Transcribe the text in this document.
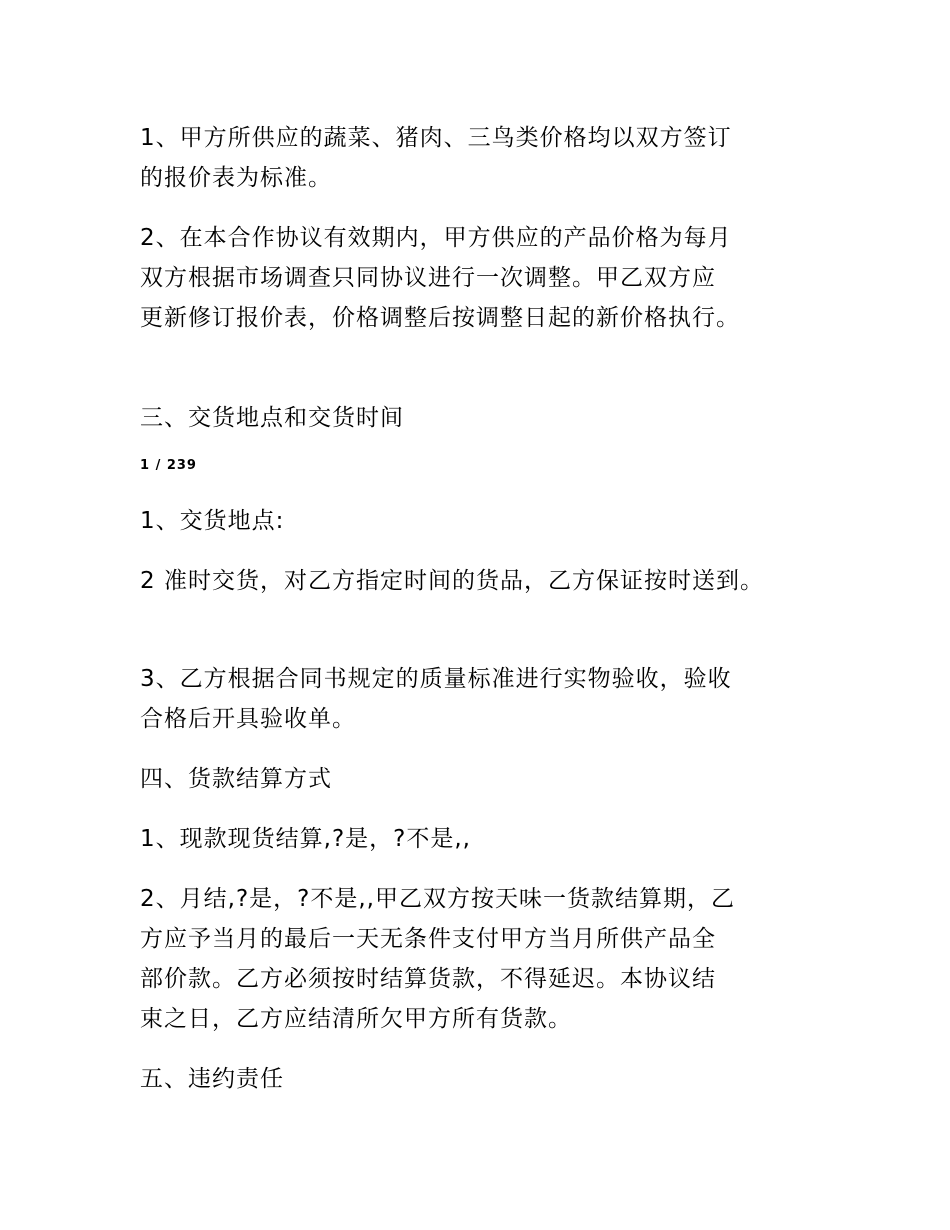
1、甲方所供应的蔬菜、猪肉、三鸟类价格均以双方签订
的报价表为标准。
2、在本合作协议有效期内，甲方供应的产品价格为每月
双方根据市场调查只同协议进行一次调整。甲乙双方应
更新修订报价表，价格调整后按调整日起的新价格执行。
三、交货地点和交货时间
1 / 239
1、交货地点:
2 准时交货，对乙方指定时间的货品，乙方保证按时送到。
3、乙方根据合同书规定的质量标准进行实物验收，验收
合格后开具验收单。
四、货款结算方式
1、现款现货结算,?是，?不是,,
2、月结,?是，?不是,,甲乙双方按天味一货款结算期，乙
方应予当月的最后一天无条件支付甲方当月所供产品全
部价款。乙方必须按时结算货款，不得延迟。本协议结
束之日，乙方应结清所欠甲方所有货款。
五、违约责任
